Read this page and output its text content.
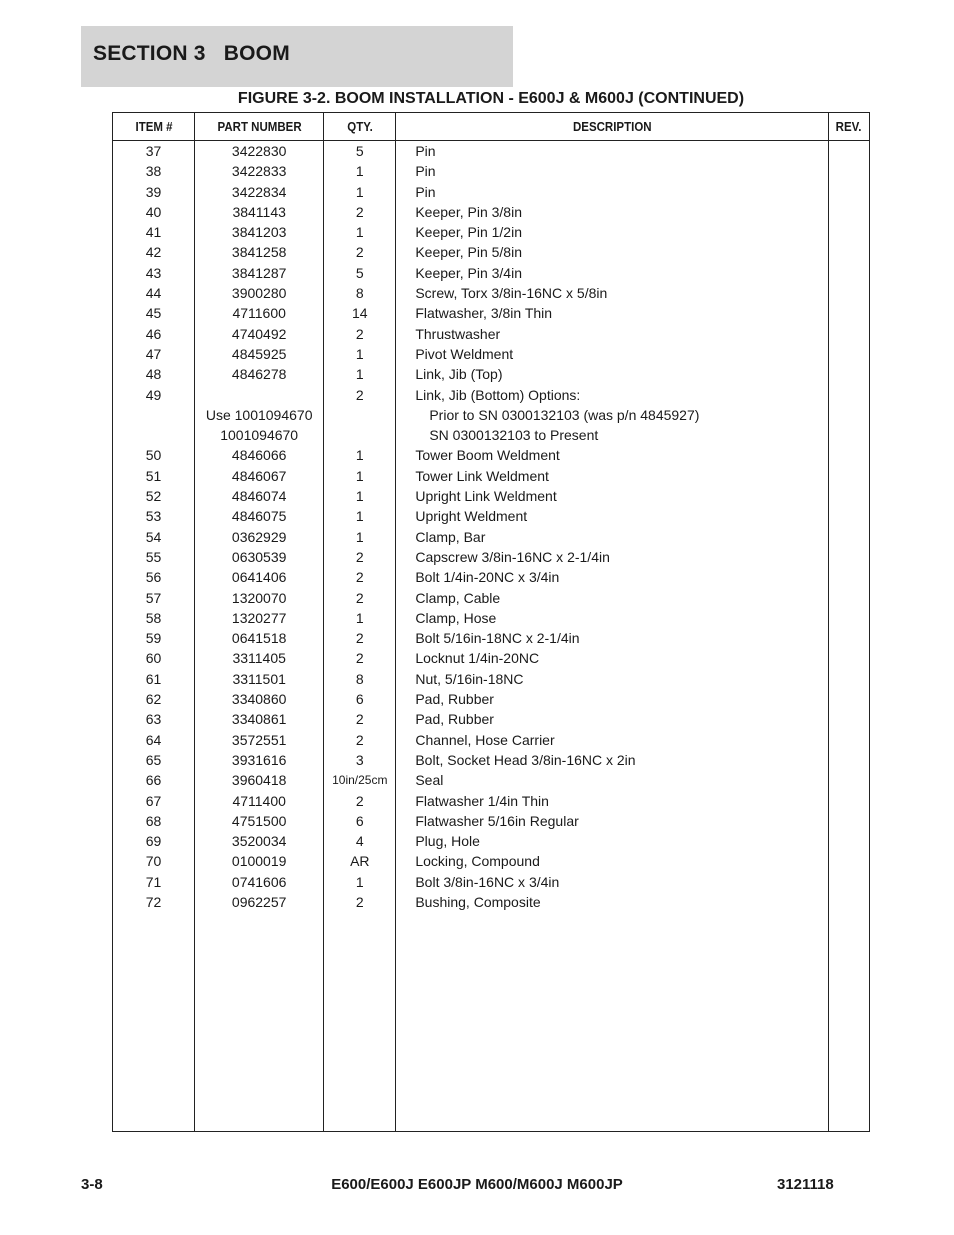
SECTION 3   BOOM
FIGURE 3-2. BOOM INSTALLATION - E600J & M600J (CONTINUED)
ITEM #	PART NUMBER	QTY.	DESCRIPTION	REV.
37	3422830	5	Pin	
38	3422833	1	Pin	
39	3422834	1	Pin	
40	3841143	2	Keeper, Pin 3/8in	
41	3841203	1	Keeper, Pin 1/2in	
42	3841258	2	Keeper, Pin 5/8in	
43	3841287	5	Keeper, Pin 3/4in	
44	3900280	8	Screw, Torx 3/8in-16NC x 5/8in	
45	4711600	14	Flatwasher, 3/8in Thin	
46	4740492	2	Thrustwasher	
47	4845925	1	Pivot Weldment	
48	4846278	1	Link, Jib (Top)	
49		2	Link, Jib (Bottom) Options:	
	Use 1001094670		Prior to SN 0300132103 (was p/n 4845927)	
	1001094670		SN 0300132103 to Present	
50	4846066	1	Tower Boom Weldment	
51	4846067	1	Tower Link Weldment	
52	4846074	1	Upright Link Weldment	
53	4846075	1	Upright Weldment	
54	0362929	1	Clamp, Bar	
55	0630539	2	Capscrew 3/8in-16NC x 2-1/4in	
56	0641406	2	Bolt 1/4in-20NC x 3/4in	
57	1320070	2	Clamp, Cable	
58	1320277	1	Clamp, Hose	
59	0641518	2	Bolt 5/16in-18NC x 2-1/4in	
60	3311405	2	Locknut 1/4in-20NC	
61	3311501	8	Nut, 5/16in-18NC	
62	3340860	6	Pad, Rubber	
63	3340861	2	Pad, Rubber	
64	3572551	2	Channel, Hose Carrier	
65	3931616	3	Bolt, Socket Head 3/8in-16NC x 2in	
66	3960418	10in/25cm	Seal	
67	4711400	2	Flatwasher 1/4in Thin	
68	4751500	6	Flatwasher 5/16in Regular	
69	3520034	4	Plug, Hole	
70	0100019	AR	Locking, Compound	
71	0741606	1	Bolt 3/8in-16NC x 3/4in	
72	0962257	2	Bushing, Composite	

3-8	E600/E600J E600JP M600/M600J M600JP	3121118
